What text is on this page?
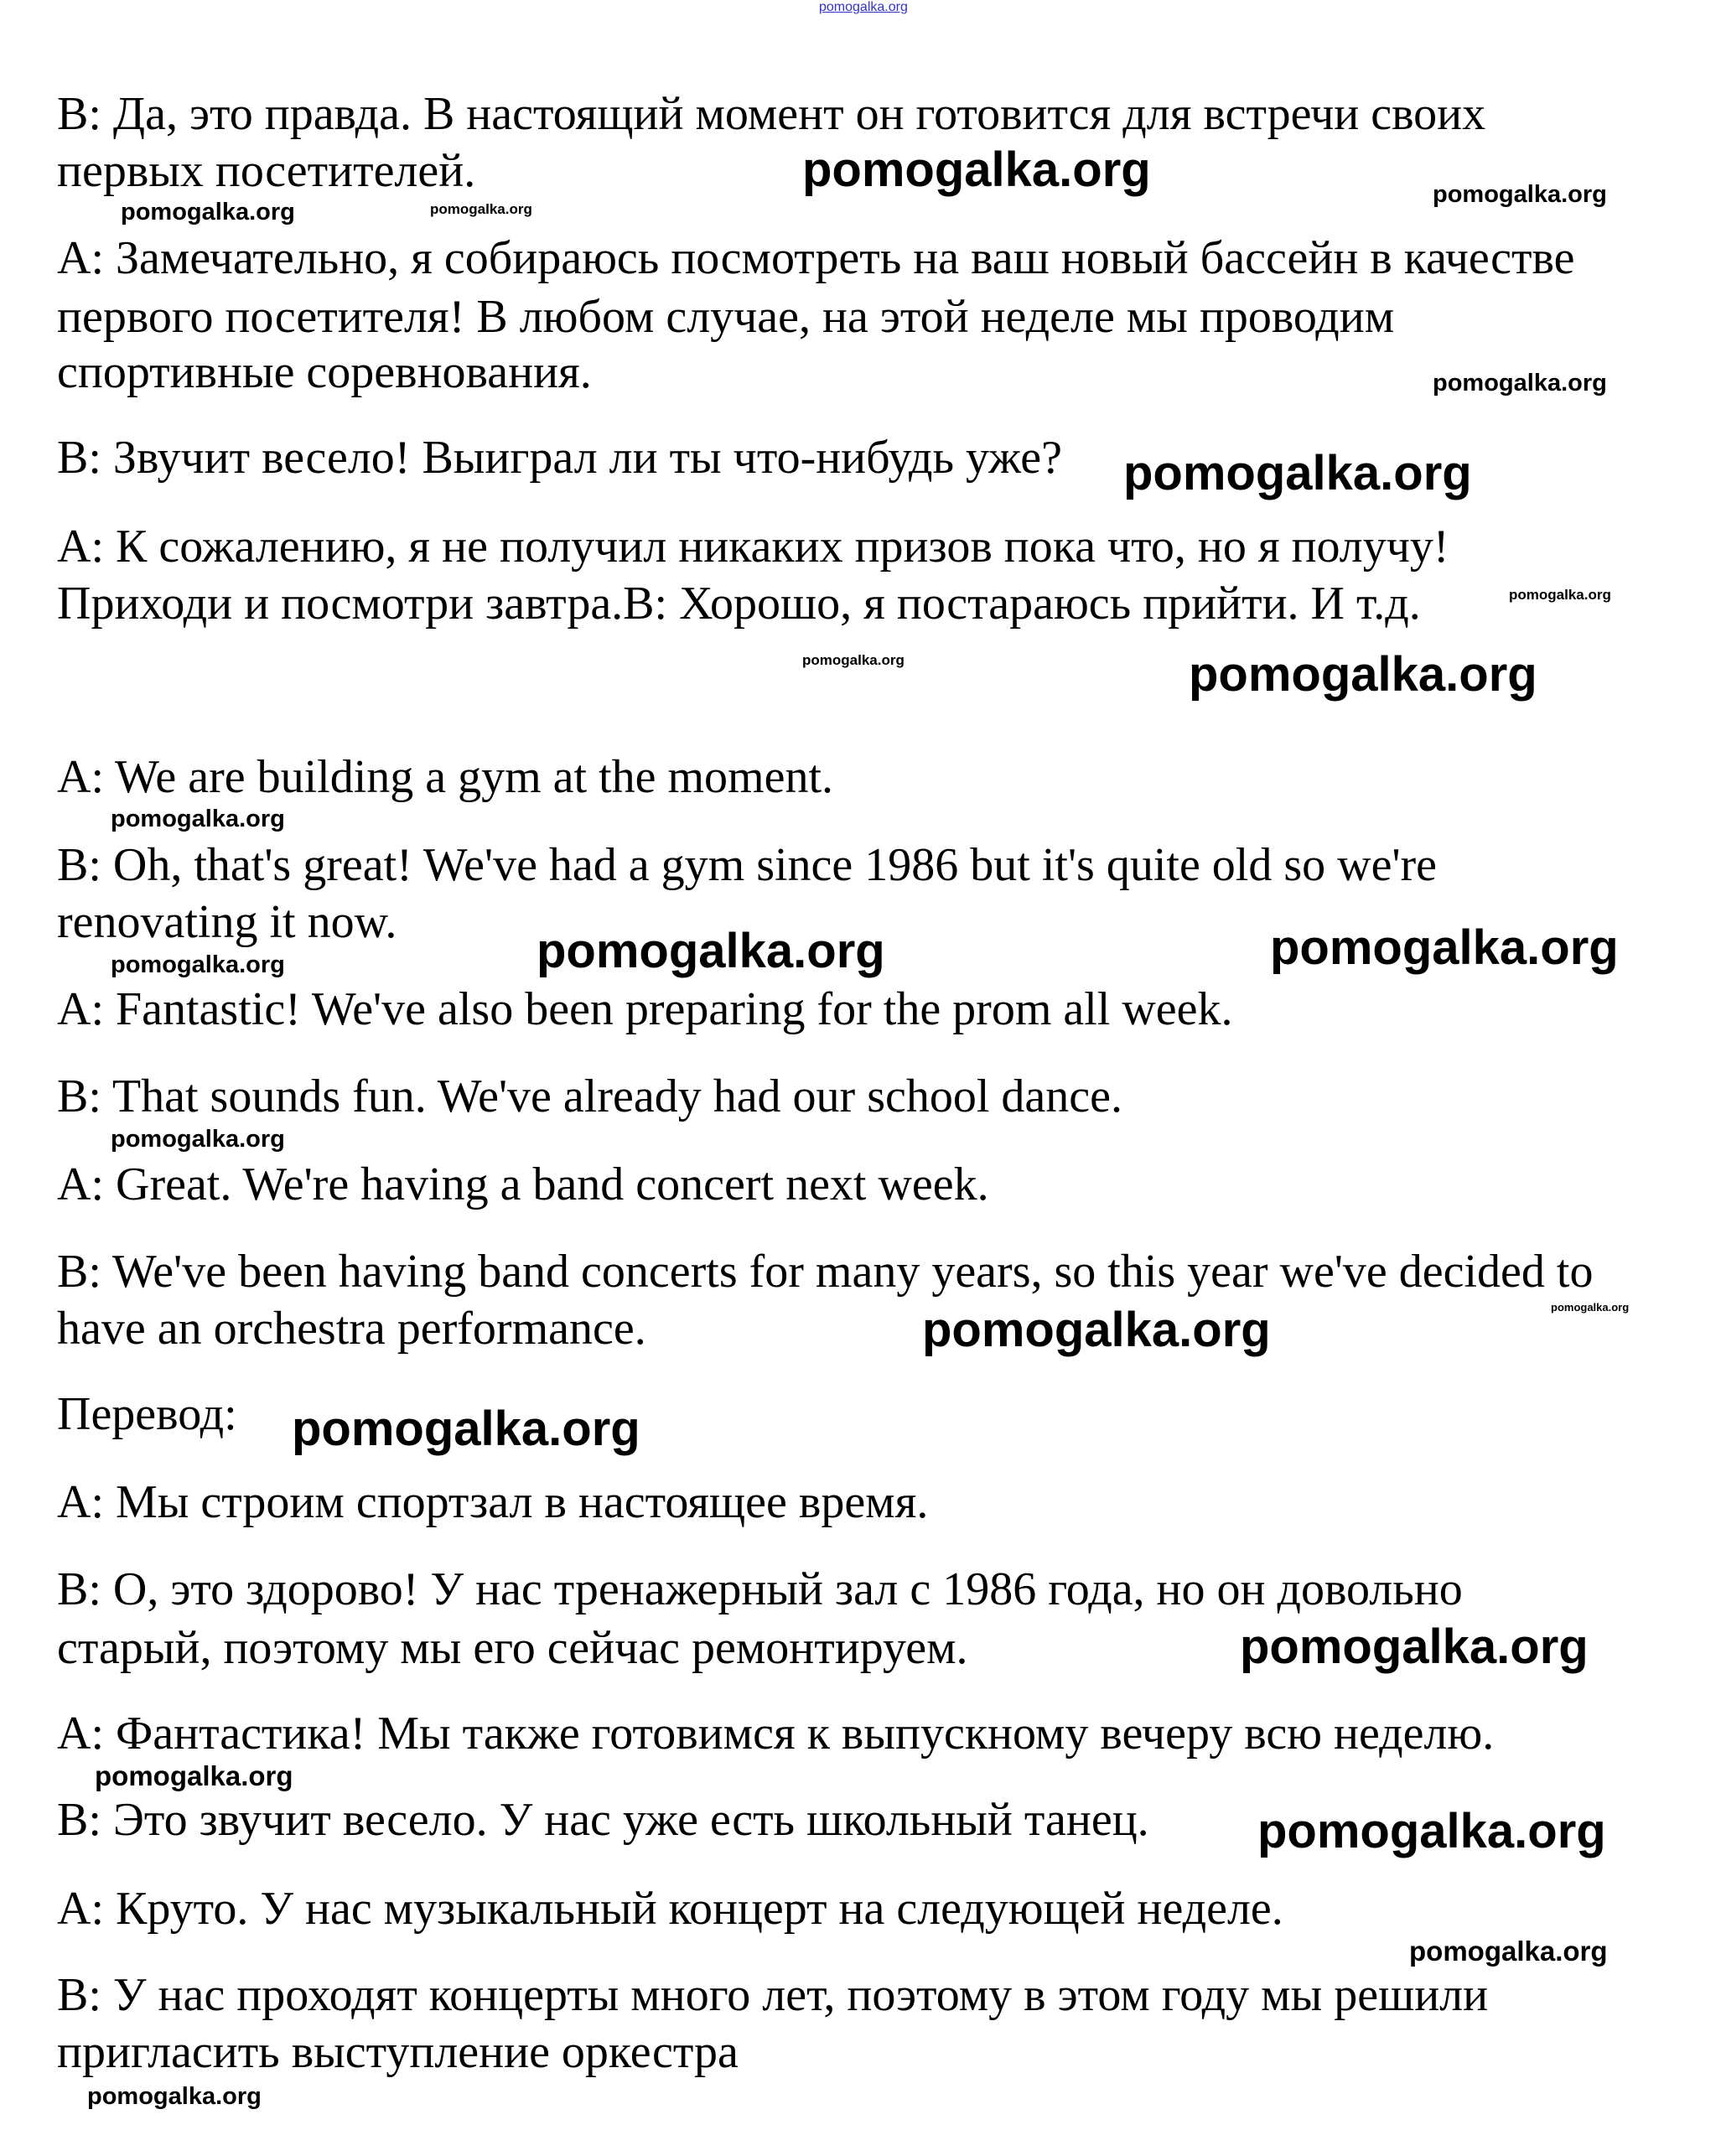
pomogalka.org
B: Да, это правда. В настоящий момент он готовится для встречи своих
первых посетителей.
A: Замечательно, я собираюсь посмотреть на ваш новый бассейн в качестве
первого посетителя! В любом случае, на этой неделе мы проводим
спортивные соревнования.
B: Звучит весело! Выиграл ли ты что-нибудь уже?
A: К сожалению, я не получил никаких призов пока что, но я получу!
Приходи и посмотри завтра.B: Хорошо, я постараюсь прийти. И т.д.
A: We are building a gym at the moment.
B: Oh, that's great! We've had a gym since 1986 but it's quite old so we're
renovating it now.
A: Fantastic! We've also been preparing for the prom all week.
B: That sounds fun. We've already had our school dance.
A: Great. We're having a band concert next week.
B: We've been having band concerts for many years, so this year we've decided to
have an orchestra performance.
Перевод:
A: Мы строим спортзал в настоящее время.
B: О, это здорово! У нас тренажерный зал с 1986 года, но он довольно
старый, поэтому мы его сейчас ремонтируем.
A: Фантастика! Мы также готовимся к выпускному вечеру всю неделю.
B: Это звучит весело. У нас уже есть школьный танец.
A: Круто. У нас музыкальный концерт на следующей неделе.
B: У нас проходят концерты много лет, поэтому в этом году мы решили
пригласить выступление оркестра
pomogalka.org	pomogalka.org
pomogalka.org
pomogalka.org
pomogalka.org
pomogalka.org
pomogalka.org
pomogalka.org	pomogalka.org
pomogalka.org
pomogalka.org	pomogalka.org	pomogalka.org
pomogalka.org
pomogalka.org
pomogalka.org
pomogalka.org
pomogalka.org
pomogalka.org
pomogalka.org
pomogalka.org
pomogalka.org
